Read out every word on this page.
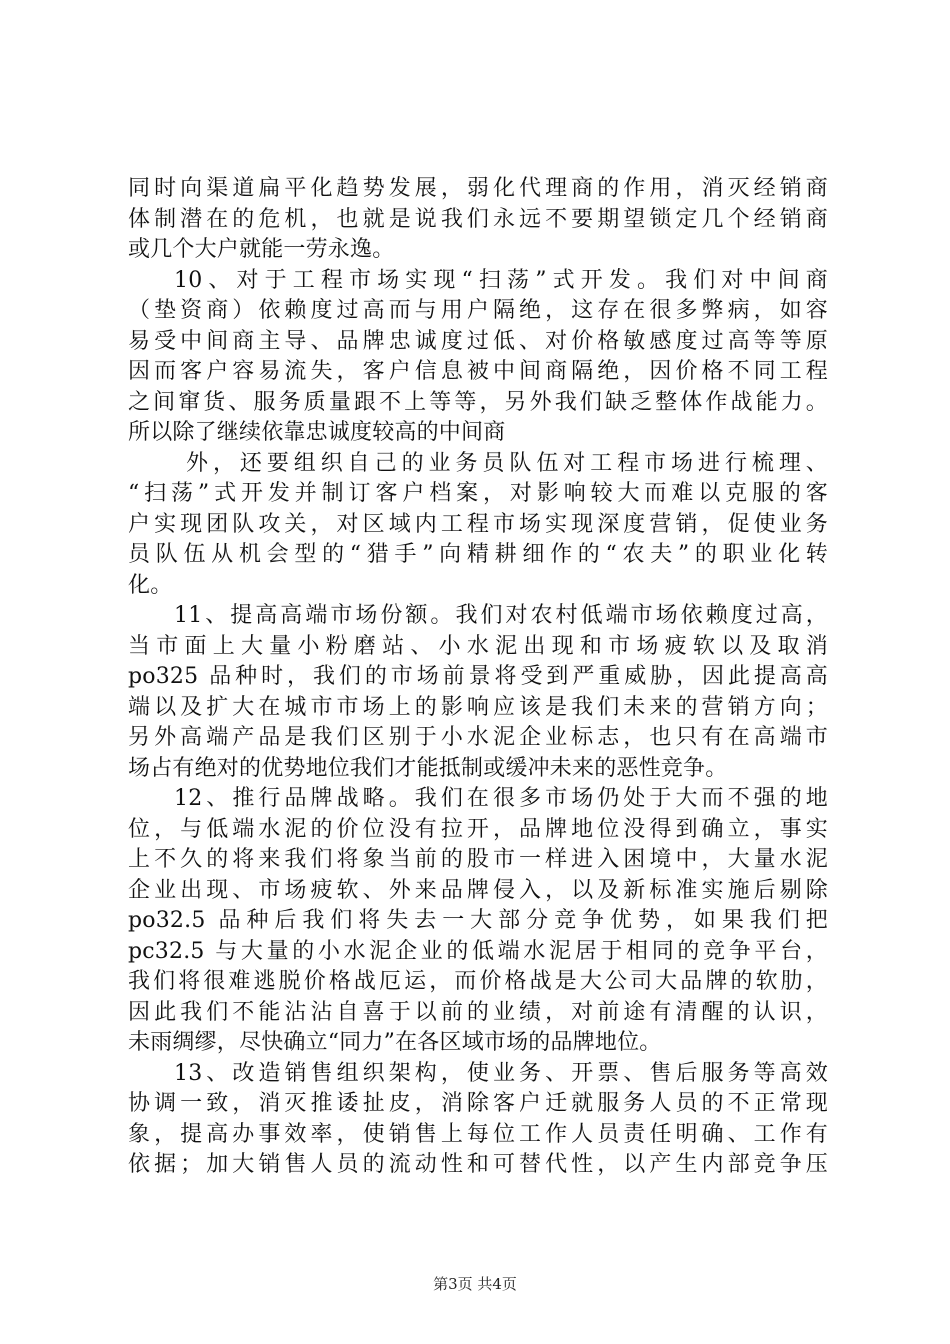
同时向渠道扁平化趋势发展，弱化代理商的作用，消灭经销商
体制潜在的危机，也就是说我们永远不要期望锁定几个经销商
或几个大户就能一劳永逸。
10、对于工程市场实现“扫荡”式开发。我们对中间商
（垫资商）依赖度过高而与用户隔绝，这存在很多弊病，如容
易受中间商主导、品牌忠诚度过低、对价格敏感度过高等等原
因而客户容易流失，客户信息被中间商隔绝，因价格不同工程
之间窜货、服务质量跟不上等等，另外我们缺乏整体作战能力。
所以除了继续依靠忠诚度较高的中间商
外，还要组织自己的业务员队伍对工程市场进行梳理、
“扫荡”式开发并制订客户档案，对影响较大而难以克服的客
户实现团队攻关，对区域内工程市场实现深度营销，促使业务
员队伍从机会型的“猎手”向精耕细作的“农夫”的职业化转
化。
11、提高高端市场份额。我们对农村低端市场依赖度过高，
当市面上大量小粉磨站、小水泥出现和市场疲软以及取消
po325 品种时，我们的市场前景将受到严重威胁，因此提高高
端以及扩大在城市市场上的影响应该是我们未来的营销方向；
另外高端产品是我们区别于小水泥企业标志，也只有在高端市
场占有绝对的优势地位我们才能抵制或缓冲未来的恶性竞争。
12、推行品牌战略。我们在很多市场仍处于大而不强的地
位，与低端水泥的价位没有拉开，品牌地位没得到确立，事实
上不久的将来我们将象当前的股市一样进入困境中，大量水泥
企业出现、市场疲软、外来品牌侵入，以及新标准实施后剔除
po32.5 品种后我们将失去一大部分竞争优势，如果我们把
pc32.5 与大量的小水泥企业的低端水泥居于相同的竞争平台，
我们将很难逃脱价格战厄运，而价格战是大公司大品牌的软肋，
因此我们不能沾沾自喜于以前的业绩，对前途有清醒的认识，
未雨绸缪，尽快确立“同力”在各区域市场的品牌地位。
13、改造销售组织架构，使业务、开票、售后服务等高效
协调一致，消灭推诿扯皮，消除客户迁就服务人员的不正常现
象，提高办事效率，使销售上每位工作人员责任明确、工作有
依据；加大销售人员的流动性和可替代性，以产生内部竞争压
第3页 共4页
